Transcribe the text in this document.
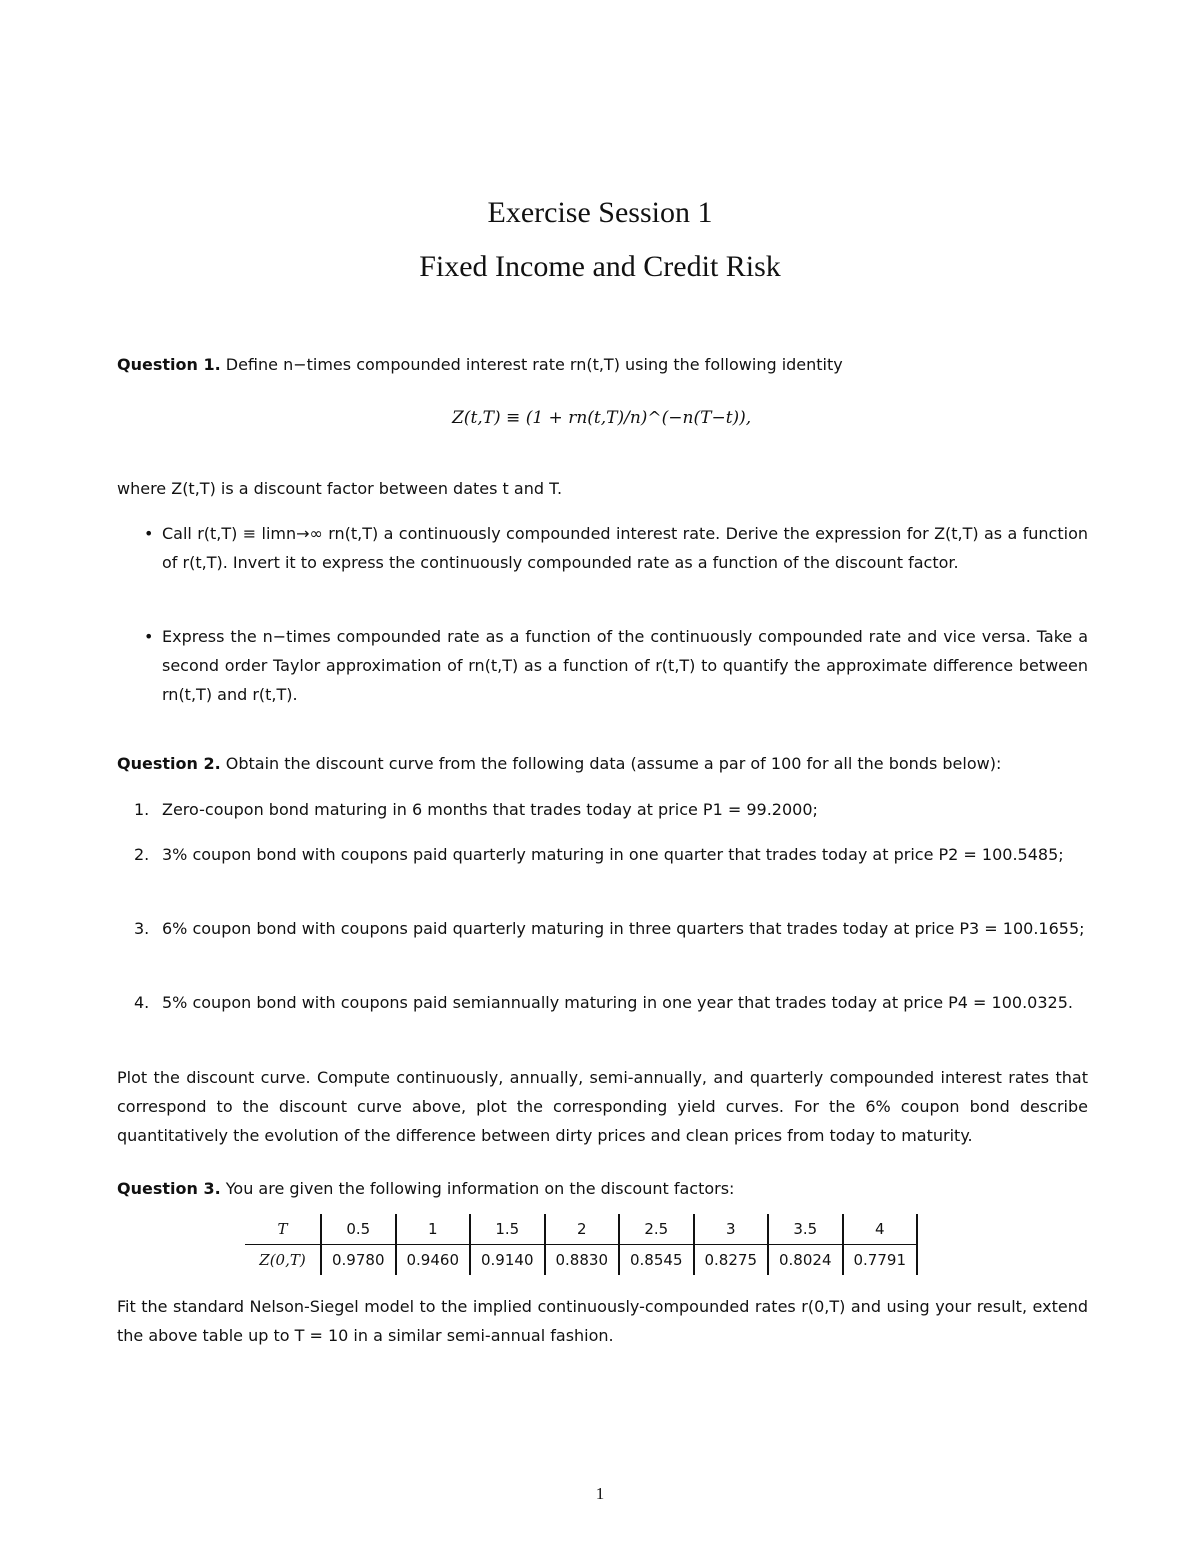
Exercise Session 1
Fixed Income and Credit Risk
Question 1. Define n−times compounded interest rate rn(t,T) using the following identity
Z(t,T) ≡ (1 + rn(t,T)/n)^(−n(T−t)),
where Z(t,T) is a discount factor between dates t and T.
• Call r(t,T) ≡ limn→∞ rn(t,T) a continuously compounded interest rate. Derive the expression for Z(t,T) as a function of r(t,T). Invert it to express the continuously compounded rate as a function of the discount factor.
• Express the n−times compounded rate as a function of the continuously compounded rate and vice versa. Take a second order Taylor approximation of rn(t,T) as a function of r(t,T) to quantify the approximate difference between rn(t,T) and r(t,T).
Question 2. Obtain the discount curve from the following data (assume a par of 100 for all the bonds below):
1. Zero-coupon bond maturing in 6 months that trades today at price P1 = 99.2000;
2. 3% coupon bond with coupons paid quarterly maturing in one quarter that trades today at price P2 = 100.5485;
3. 6% coupon bond with coupons paid quarterly maturing in three quarters that trades today at price P3 = 100.1655;
4. 5% coupon bond with coupons paid semiannually maturing in one year that trades today at price P4 = 100.0325.
Plot the discount curve. Compute continuously, annually, semi-annually, and quarterly compounded interest rates that correspond to the discount curve above, plot the corresponding yield curves. For the 6% coupon bond describe quantitatively the evolution of the difference between dirty prices and clean prices from today to maturity.
Question 3. You are given the following information on the discount factors:
T	0.5	1	1.5	2	2.5	3	3.5	4
Z(0,T)	0.9780	0.9460	0.9140	0.8830	0.8545	0.8275	0.8024	0.7791
Fit the standard Nelson-Siegel model to the implied continuously-compounded rates r(0,T) and using your result, extend the above table up to T = 10 in a similar semi-annual fashion.
1
